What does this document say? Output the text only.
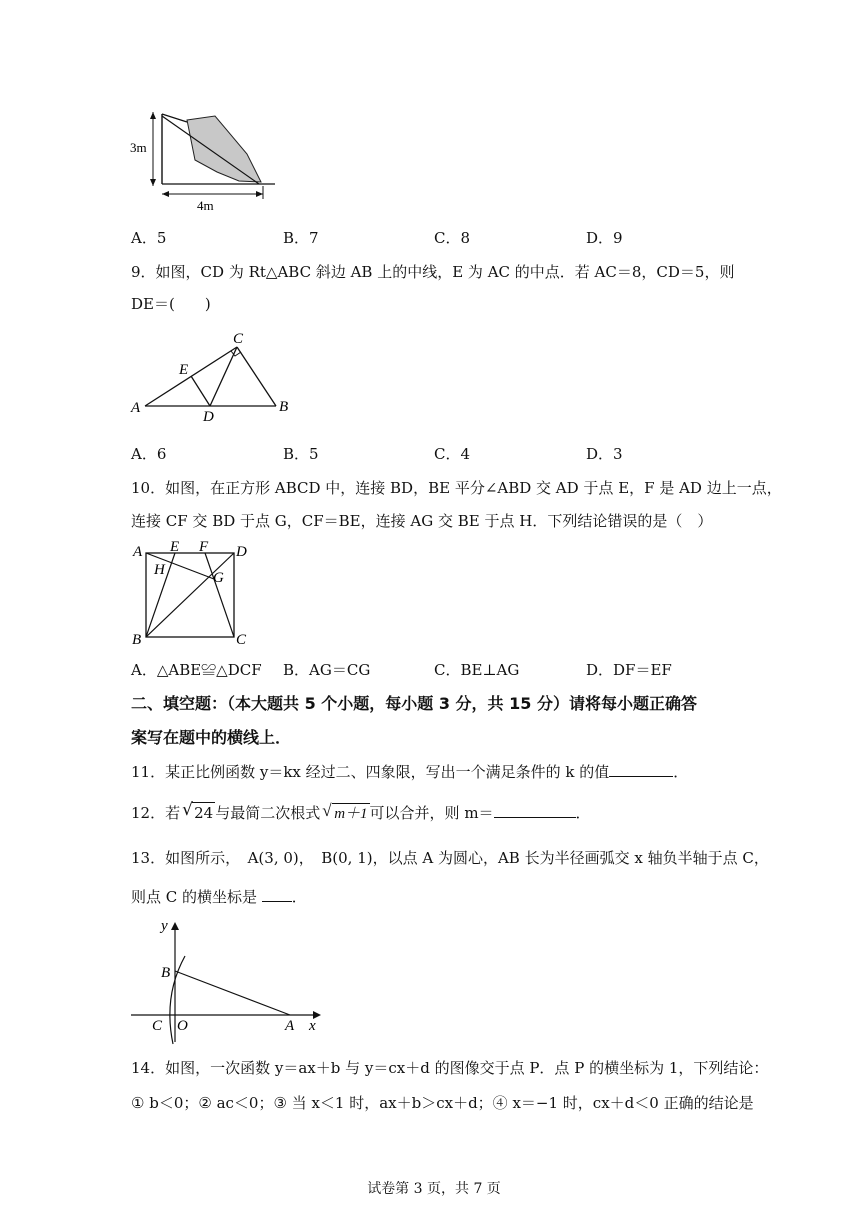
3m
4m
A．5	B．7	C．8	D．9
9．如图，CD 为 Rt△ABC 斜边 AB 上的中线，E 为 AC 的中点．若 AC＝8，CD＝5，则
DE＝(　　)
A	B
C
D
E
A．6	B．5	C．4	D．3
10．如图，在正方形 ABCD 中，连接 BD，BE 平分∠ABD 交 AD 于点 E，F 是 AD 边上一点，
连接 CF 交 BD 于点 G，CF＝BE，连接 AG 交 BE 于点 H．下列结论错误的是（　）
A E F D
H	G
B	C
A．△ABE≌△DCF B．AG＝CG	C．BE⊥AG	D．DF＝EF
二、填空题：（本大题共 5 个小题，每小题 3 分，共 15 分）请将每小题正确答
案写在题中的横线上．
11．某正比例函数 y＝kx 经过二、四象限，写出一个满足条件的 k 的值	．
12．若 √ 24 与最简二次根式 √ m＋1 可以合并，则 m＝	．
13．如图所示，　A(3, 0)，　B(0, 1)，以点 A 为圆心，AB 长为半径画弧交 x 轴负半轴于点 C，
则点 C 的横坐标是 ．
y
x
B
C O	A
14．如图，一次函数 y＝ax＋b 与 y＝cx＋d 的图像交于点 P．点 P 的横坐标为 1，下列结论：
① b＜0；② ac＜0；③ 当 x＜1 时，ax＋b＞cx＋d；④ x＝−1 时，cx＋d＜0 正确的结论是
试卷第 3 页，共 7 页
